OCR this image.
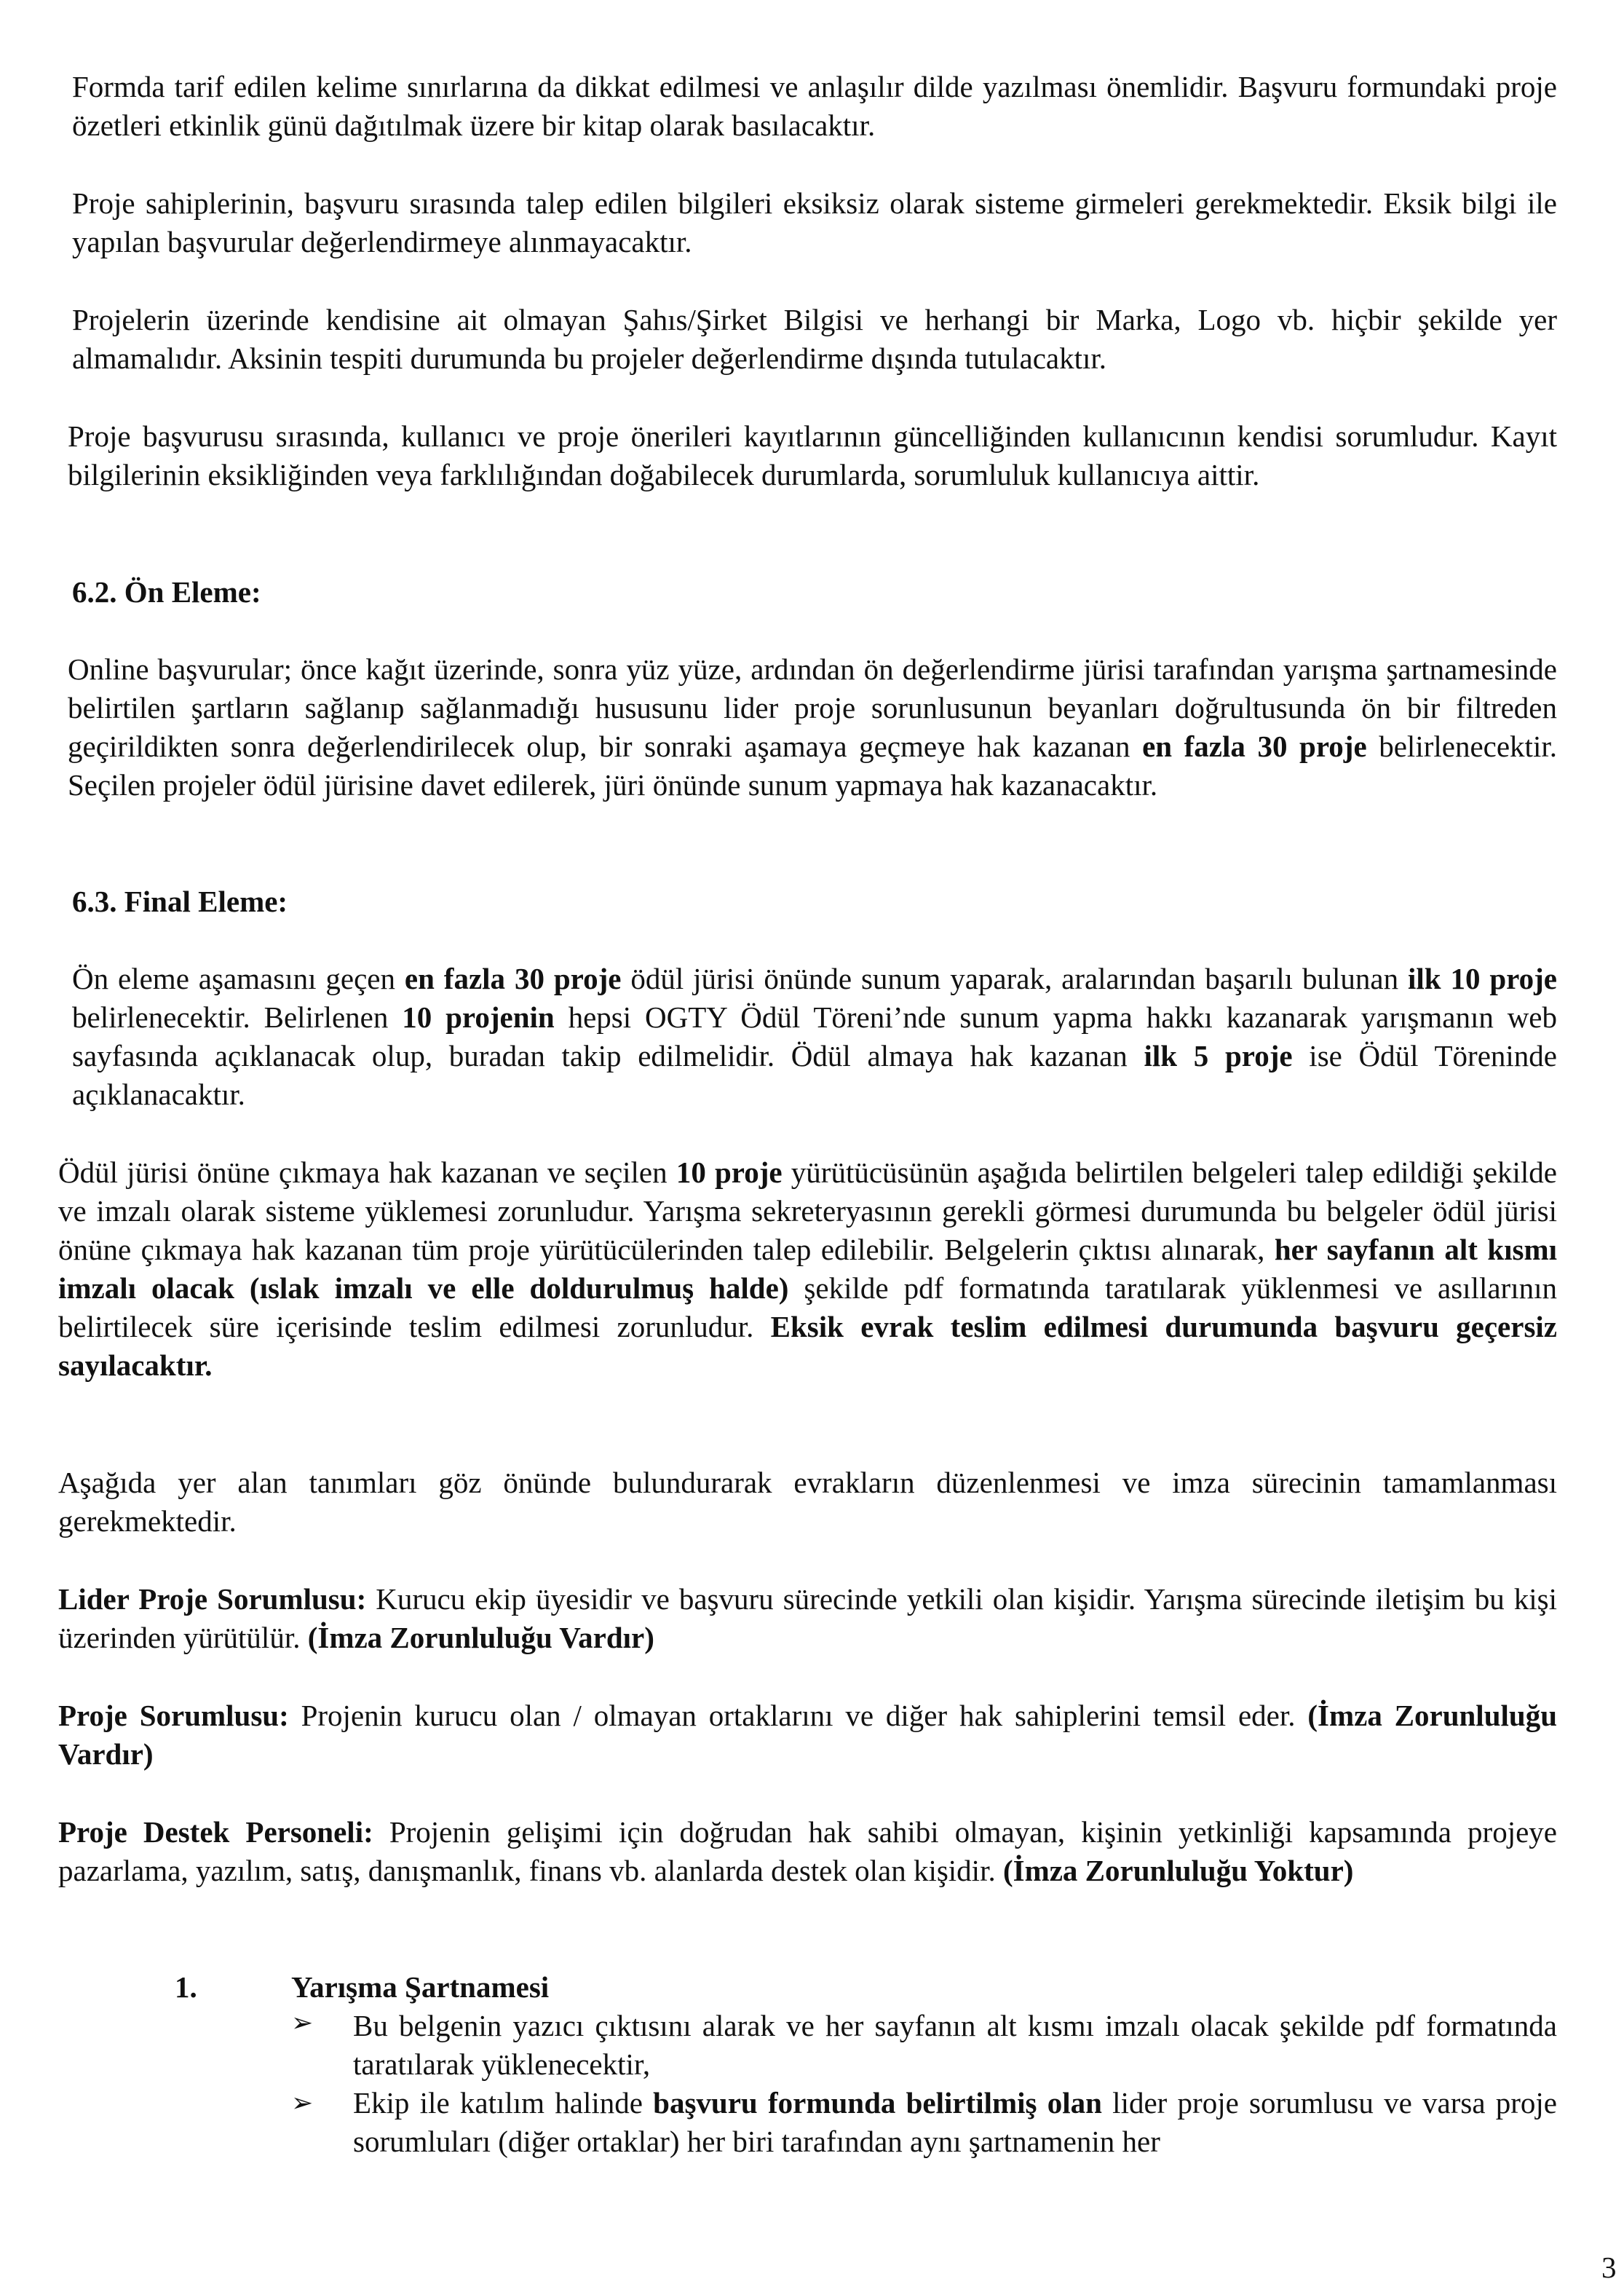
Formda tarif edilen kelime sınırlarına da dikkat edilmesi ve anlaşılır dilde yazılması önemlidir. Başvuru formundaki proje özetleri etkinlik günü dağıtılmak üzere bir kitap olarak basılacaktır.

Proje sahiplerinin, başvuru sırasında talep edilen bilgileri eksiksiz olarak sisteme girmeleri gerekmektedir. Eksik bilgi ile yapılan başvurular değerlendirmeye alınmayacaktır.

Projelerin üzerinde kendisine ait olmayan Şahıs/Şirket Bilgisi ve herhangi bir Marka, Logo vb. hiçbir şekilde yer almamalıdır. Aksinin tespiti durumunda bu projeler değerlendirme dışında tutulacaktır.

Proje başvurusu sırasında, kullanıcı ve proje önerileri kayıtlarının güncelliğinden kullanıcının kendisi sorumludur. Kayıt bilgilerinin eksikliğinden veya farklılığından doğabilecek durumlarda, sorumluluk kullanıcıya aittir.

6.2. Ön Eleme:

Online başvurular; önce kağıt üzerinde, sonra yüz yüze, ardından ön değerlendirme jürisi tarafından yarışma şartnamesinde belirtilen şartların sağlanıp sağlanmadığı hususunu lider proje sorunlusunun beyanları doğrultusunda ön bir filtreden geçirildikten sonra değerlendirilecek olup, bir sonraki aşamaya geçmeye hak kazanan en fazla 30 proje belirlenecektir. Seçilen projeler ödül jürisine davet edilerek, jüri önünde sunum yapmaya hak kazanacaktır.

6.3. Final Eleme:

Ön eleme aşamasını geçen en fazla 30 proje ödül jürisi önünde sunum yaparak, aralarından başarılı bulunan ilk 10 proje belirlenecektir. Belirlenen 10 projenin hepsi OGTY Ödül Töreni’nde sunum yapma hakkı kazanarak yarışmanın web sayfasında açıklanacak olup, buradan takip edilmelidir. Ödül almaya hak kazanan ilk 5 proje ise Ödül Töreninde açıklanacaktır.

Ödül jürisi önüne çıkmaya hak kazanan ve seçilen 10 proje yürütücüsünün aşağıda belirtilen belgeleri talep edildiği şekilde ve imzalı olarak sisteme yüklemesi zorunludur. Yarışma sekreteryasının gerekli görmesi durumunda bu belgeler ödül jürisi önüne çıkmaya hak kazanan tüm proje yürütücülerinden talep edilebilir. Belgelerin çıktısı alınarak, her sayfanın alt kısmı imzalı olacak (ıslak imzalı ve elle doldurulmuş halde) şekilde pdf formatında taratılarak yüklenmesi ve asıllarının belirtilecek süre içerisinde teslim edilmesi zorunludur. Eksik evrak teslim edilmesi durumunda başvuru geçersiz sayılacaktır.

Aşağıda yer alan tanımları göz önünde bulundurarak evrakların düzenlenmesi ve imza sürecinin tamamlanması gerekmektedir.

Lider Proje Sorumlusu: Kurucu ekip üyesidir ve başvuru sürecinde yetkili olan kişidir. Yarışma sürecinde iletişim bu kişi üzerinden yürütülür. (İmza Zorunluluğu Vardır)

Proje Sorumlusu: Projenin kurucu olan / olmayan ortaklarını ve diğer hak sahiplerini temsil eder. (İmza Zorunluluğu Vardır)

Proje Destek Personeli: Projenin gelişimi için doğrudan hak sahibi olmayan, kişinin yetkinliği kapsamında projeye pazarlama, yazılım, satış, danışmanlık, finans vb. alanlarda destek olan kişidir. (İmza Zorunluluğu Yoktur)

1.	Yarışma Şartnamesi
➢ Bu belgenin yazıcı çıktısını alarak ve her sayfanın alt kısmı imzalı olacak şekilde pdf formatında taratılarak yüklenecektir,

➢ Ekip ile katılım halinde başvuru formunda belirtilmiş olan lider proje sorumlusu ve varsa proje sorumluları (diğer ortaklar) her biri tarafından aynı şartnamenin her

3
